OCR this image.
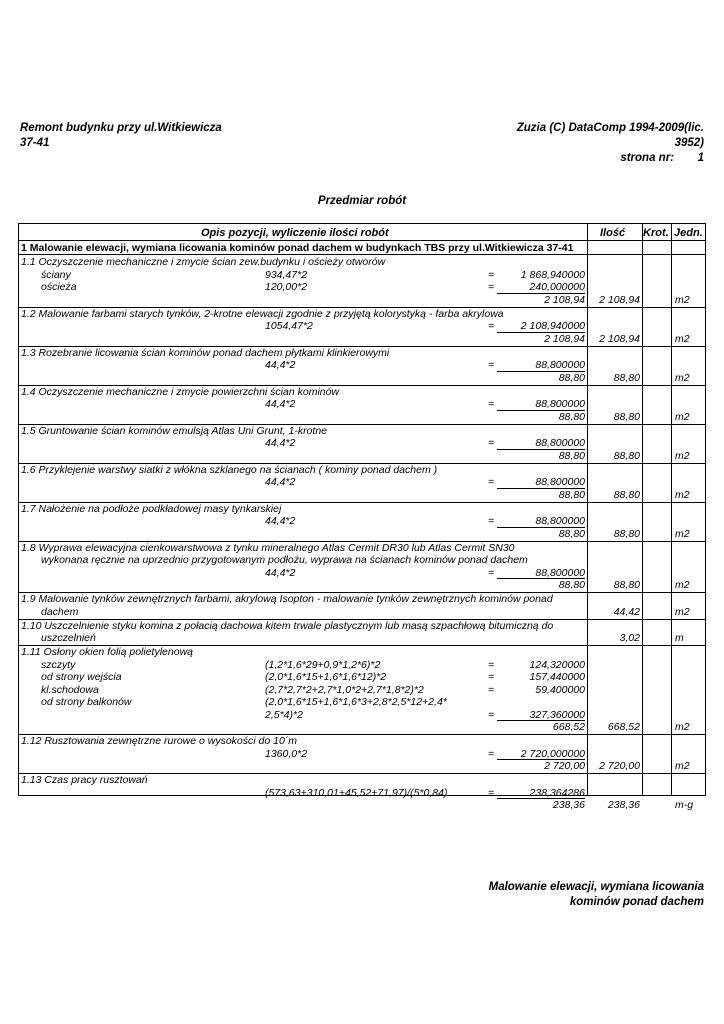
Remont budynku przy ul.Witkiewicza
37-41
Zuzia (C) DataComp 1994-2009(lic.
3952)
strona nr: 1
Przedmiar robót
Opis pozycji, wyliczenie ilości robót	Ilość Krot. Jedn.
1 Malowanie elewacji, wymiana licowania kominów ponad dachem w budynkach TBS przy ul.Witkiewicza 37-41
1.1 Oczyszczenie mechaniczne i zmycie ścian zew.budynku i ościeży otworów
ściany	934,47*2	=	1 868,940000
ościeża	120,00*2	=	240,000000
2 108,94	2 108,94	m2
1.2 Malowanie farbami starych tynków, 2-krotne elewacji zgodnie z przyjętą kolorystyką - farba akrylowa
1054,47*2	=	2 108,940000
2 108,94	2 108,94	m2
1.3 Rozebranie licowania ścian kominów ponad dachem płytkami klinkierowymi
44,4*2	=	88,800000
88,80	88,80	m2
1.4 Oczyszczenie mechaniczne i zmycie powierzchni ścian kominów
44,4*2	=	88,800000
88,80	88,80	m2
1.5 Gruntowanie ścian kominów emulsją Atlas Uni Grunt, 1-krotne
44,4*2	=	88,800000
88,80	88,80	m2
1.6 Przyklejenie warstwy siatki z włókna szklanego na ścianach ( kominy ponad dachem )
44,4*2	=	88,800000
88,80	88,80	m2
1.7 Nałożenie na podłoże podkładowej masy tynkarskiej
44,4*2	=	88,800000
88,80	88,80	m2
1.8 Wyprawa elewacyjna cienkowarstwowa z tynku mineralnego Atlas Cermit DR30 lub Atlas Cermit SN30
wykonana ręcznie na uprzednio przygotowanym podłożu, wyprawa na ścianach kominów ponad dachem
44,4*2	=	88,800000
88,80	88,80	m2
1.9 Malowanie tynków zewnętrznych farbami, akrylową Isopton - malowanie tynków zewnętrznych kominów ponad
dachem	44,42	m2
1.10 Uszczelnienie styku komina z połacią dachowa kitem trwale plastycznym lub masą szpachłową bitumiczną do
uszczelnień	3,02	m
1.11 Osłony okien folią polietylenową
szczyty	(1,2*1,6*29+0,9*1,2*6)*2	=	124,320000
od strony wejścia	(2,0*1,6*15+1,6*1,6*12)*2	=	157,440000
kl.schodowa	(2,7*2,7*2+2,7*1,0*2+2,7*1,8*2)*2	=	59,400000
od strony balkonów	(2,0*1,6*15+1,6*1,6*3+2,8*2,5*12+2,4*
2,5*4)*2	=	327,360000
668,52	668,52	m2
1.12 Rusztowania zewnętrzne rurowe o wysokości do 10´m
1360,0*2	=	2 720,000000
2 720,00	2 720,00	m2
1.13 Czas pracy rusztowań
(573,63+310,01+45,52+71,97)/(5*0,84)	=	238,364286
238,36	238,36	m-g
Malowanie elewacji, wymiana licowania
kominów ponad dachem
